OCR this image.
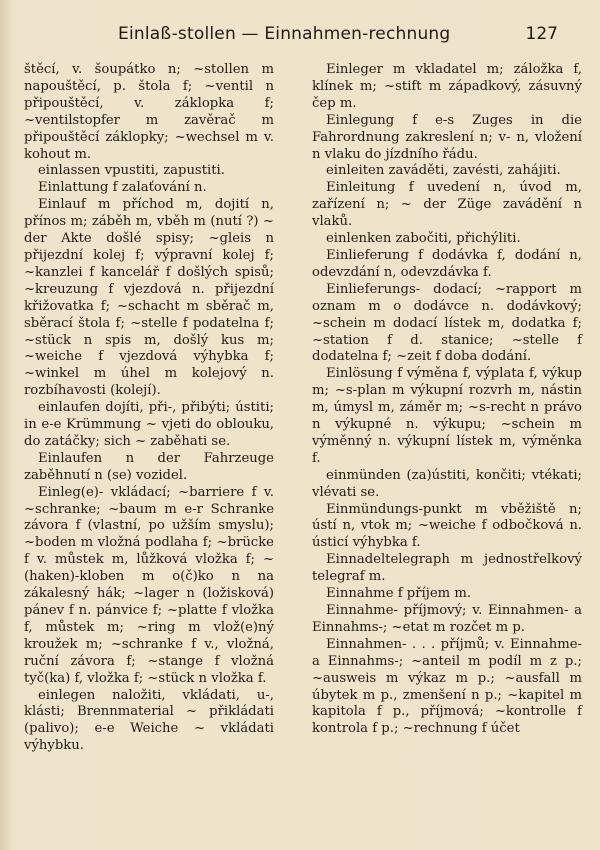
Einlaß-stollen — Einnahmen-rechnung	127

štěcí, v. šoupátko n; ~stollen m napouštěcí, p. štola f; ~ventil n připouštěcí, v. záklopka f; ~ventilstopfer m zavěrač m připouštěcí záklopky; ~wechsel m v. kohout m.

einlassen vpustiti, zapustiti.

Einlattung f zalaťování n.

Einlauf m příchod m, dojití n, přínos m; záběh m, vběh m (nutí ?) ~ der Akte došlé spisy; ~gleis n přijezdní kolej f; výpravní kolej f; ~kanzlei f kancelář f došlých spisů; ~kreuzung f vjezdová n. přijezdní křižovatka f; ~schacht m sběrač m, sběrací štola f; ~stelle f podatelna f; ~stück n spis m, došlý kus m; ~weiche f vjezdová výhybka f; ~winkel m úhel m kolejový n. rozbíhavosti (kolejí).

einlaufen dojíti, při-, přibýti; ústiti; in e-e Krümmung ~ vjeti do oblouku, do zatáčky; sich ~ zaběhati se.

Einlaufen n der Fahrzeuge zaběhnutí n (se) vozidel.

Einleg(e)- vkládací; ~barriere f v. ~schranke; ~baum m e-r Schranke závora f (vlastní, po užším smyslu); ~boden m vložná podlaha f; ~brücke f v. můstek m, lůžková vložka f; ~(haken)-kloben m o(č)ko n na zákalesný hák; ~lager n (ložisková) pánev f n. pánvice f; ~platte f vložka f, můstek m; ~ring m vlož(e)ný kroužek m; ~schranke f v., vložná, ruční závora f; ~stange f vložná tyč(ka) f, vložka f; ~stück n vložka f.

einlegen naložiti, vkládati, u-, klásti; Brennmaterial ~ přikládati (palivo); e-e Weiche ~ vkládati výhybku.

Einleger m vkladatel m; záložka f, klínek m; ~stift m západkový, zásuvný čep m.

Einlegung f e-s Zuges in die Fahrordnung zakreslení n; v- n, vložení n vlaku do jízdního řádu.

einleiten zaváděti, zavésti, zahájiti.

Einleitung f uvedení n, úvod m, zařízení n; ~ der Züge zavádění n vlaků.

einlenken zabočiti, přichýliti.

Einlieferung f dodávka f, dodání n, odevzdání n, odevzdávka f.

Einlieferungs- dodací; ~rapport m oznam m o dodávce n. dodávkový; ~schein m dodací lístek m, dodatka f; ~station f d. stanice; ~stelle f dodatelna f; ~zeit f doba dodání.

Einlösung f výměna f, výplata f, výkup m; ~s-plan m výkupní rozvrh m, nástin m, úmysl m, záměr m; ~s-recht n právo n výkupné n. výkupu; ~schein m výměnný n. výkupní lístek m, výměnka f.

einmünden (za)ústiti, končiti; vtékati; vlévati se.

Einmündungs-punkt m vběžiště n; ústí n, vtok m; ~weiche f odbočková n. ústicí výhybka f.

Einnadeltelegraph m jednostřelkový telegraf m.

Einnahme f příjem m.

Einnahme- příjmový; v. Einnahmen- a Einnahms-; ~etat m rozčet m p.

Einnahmen- . . . příjmů; v. Einnahme- a Einnahms-; ~anteil m podíl m z p.; ~ausweis m výkaz m p.; ~ausfall m úbytek m p., zmenšení n p.; ~kapitel m kapitola f p., příjmová; ~kontrolle f kontrola f p.; ~rechnung f účet
